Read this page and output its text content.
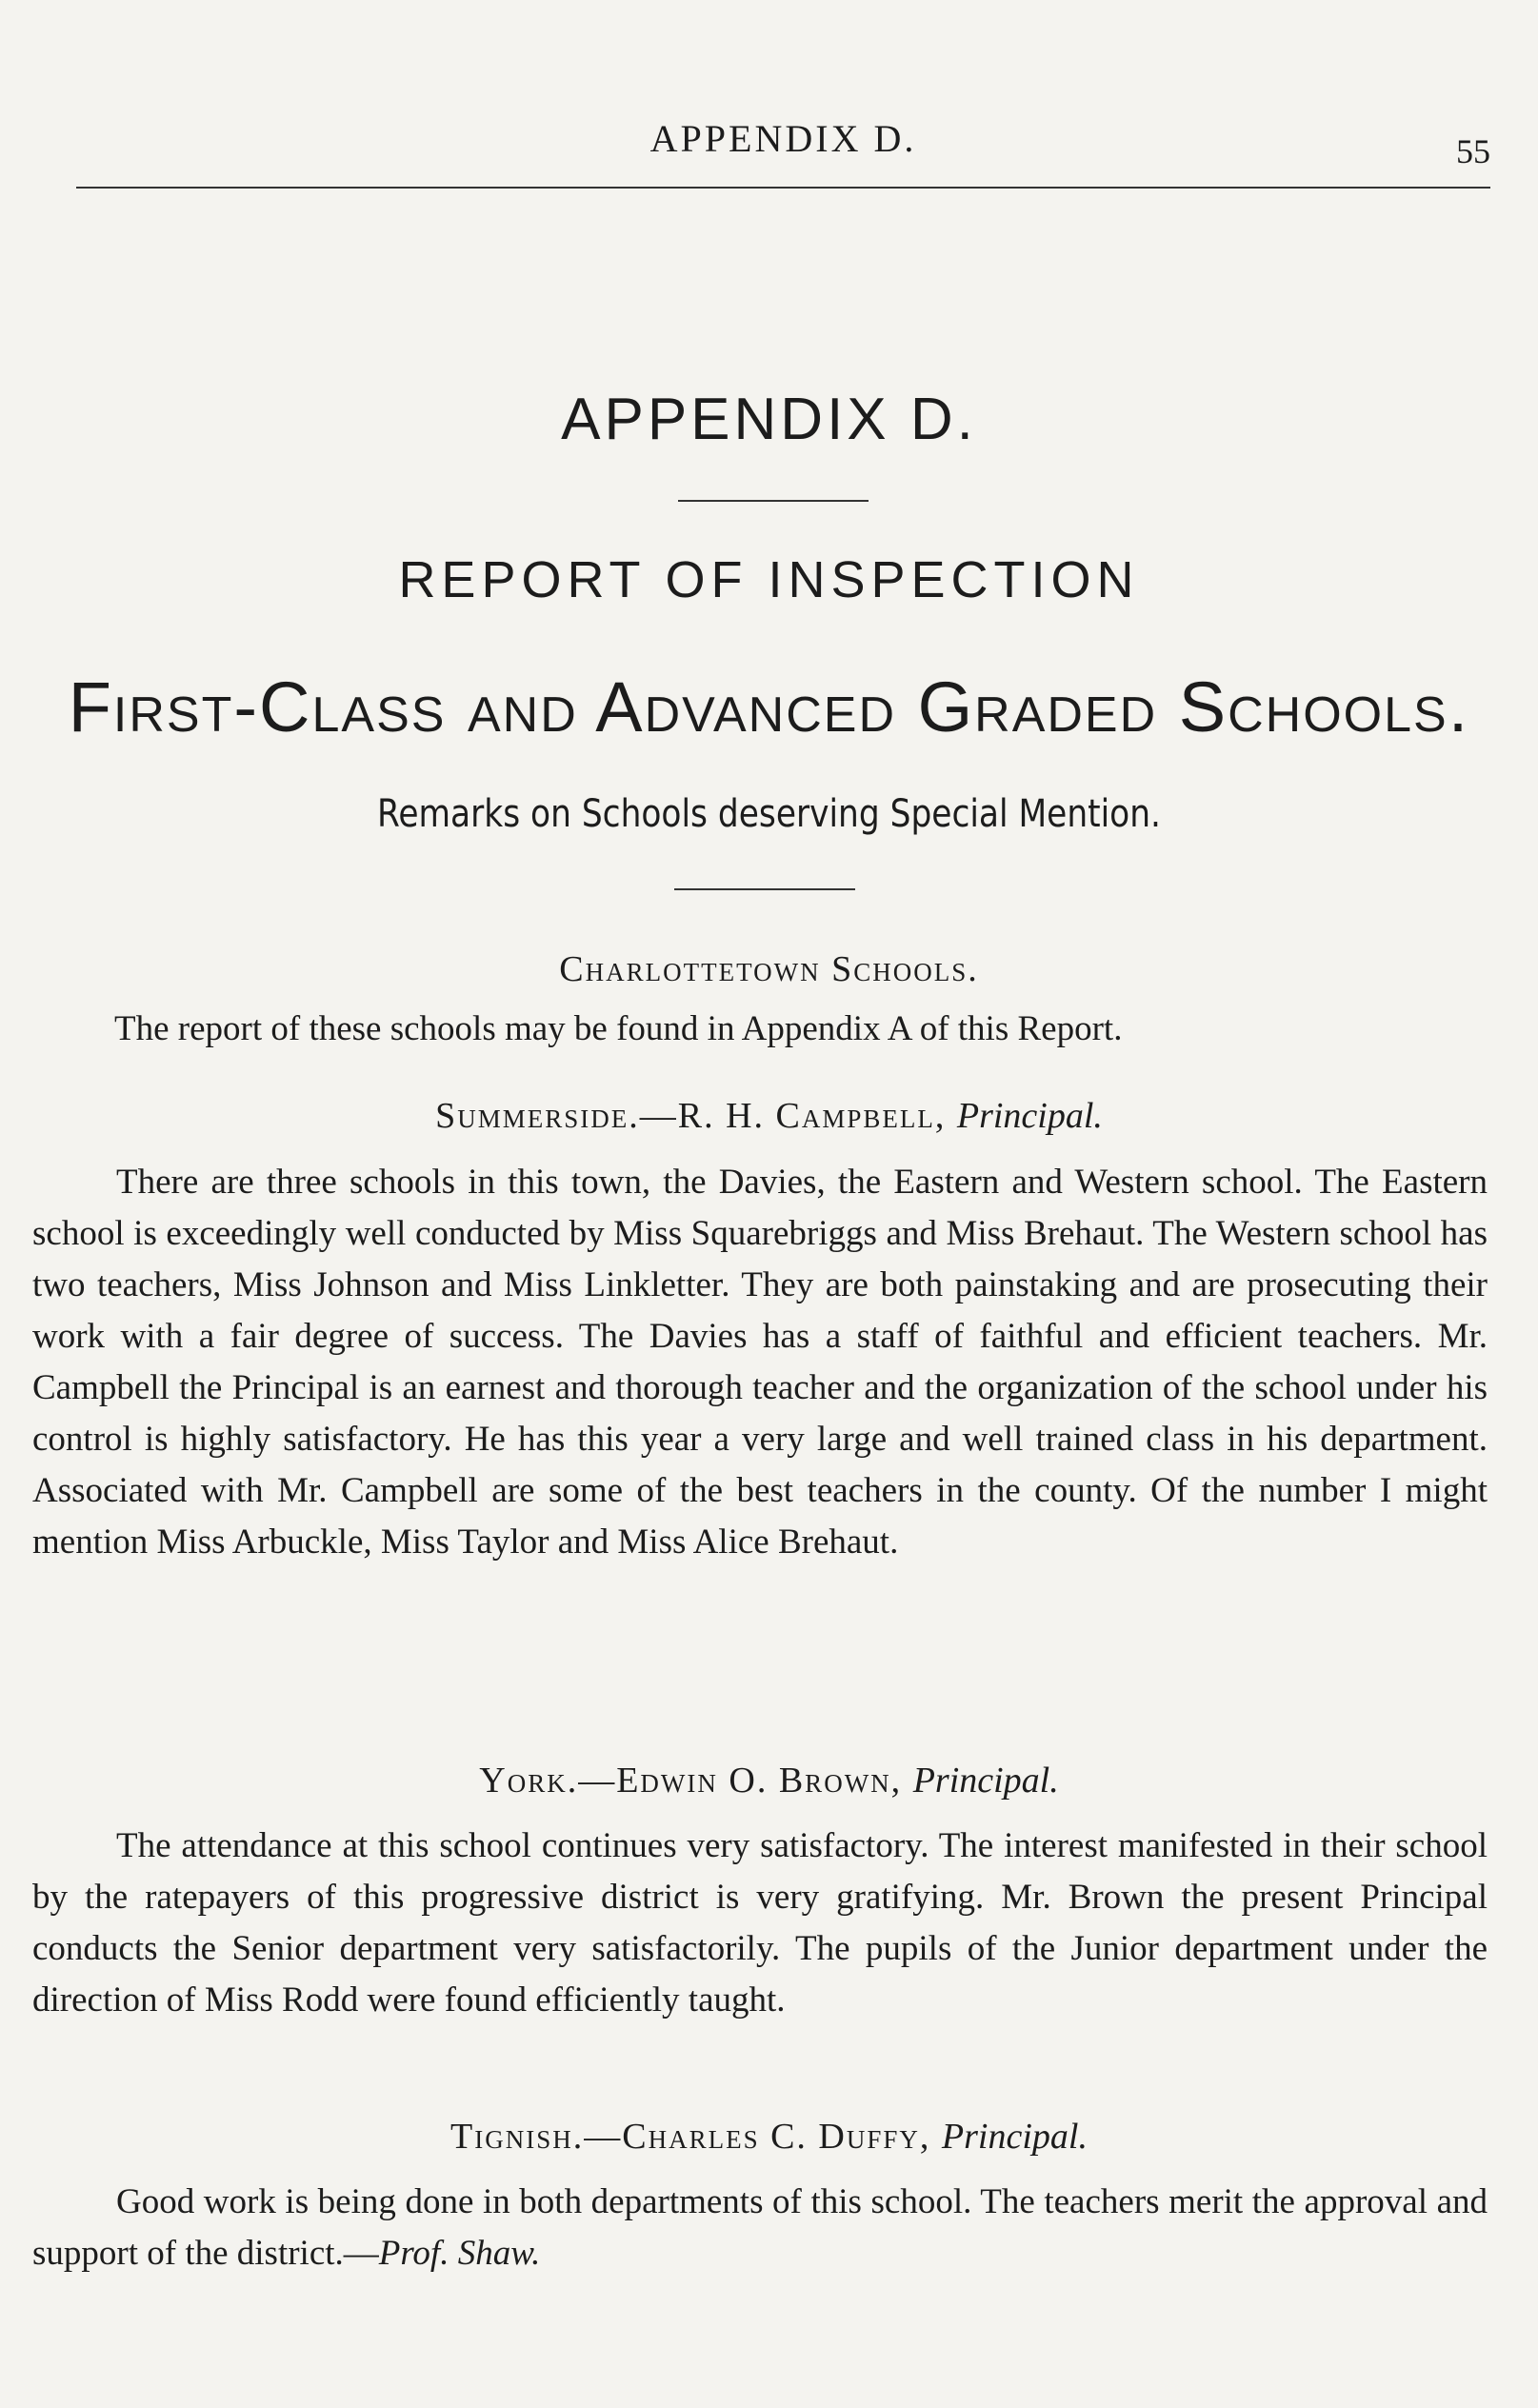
APPENDIX D.	55
APPENDIX D.
REPORT OF INSPECTION
First-Class and Advanced Graded Schools.
Remarks on Schools deserving Special Mention.
Charlottetown Schools.
The report of these schools may be found in Appendix A of this Report.
Summerside.—R. H. Campbell, Principal.
There are three schools in this town, the Davies, the Eastern and Western school. The Eastern school is exceedingly well conducted by Miss Squarebriggs and Miss Brehaut. The Western school has two teachers, Miss Johnson and Miss Linkletter. They are both painstaking and are prosecuting their work with a fair degree of success. The Davies has a staff of faithful and efficient teachers. Mr. Campbell the Principal is an earnest and thorough teacher and the organization of the school under his control is highly satisfactory. He has this year a very large and well trained class in his department. Associated with Mr. Campbell are some of the best teachers in the county. Of the number I might mention Miss Arbuckle, Miss Taylor and Miss Alice Brehaut.
York.—Edwin O. Brown, Principal.
The attendance at this school continues very satisfactory. The interest manifested in their school by the ratepayers of this progressive district is very gratifying. Mr. Brown the present Principal conducts the Senior department very satisfactorily. The pupils of the Junior department under the direction of Miss Rodd were found efficiently taught.
Tignish.—Charles C. Duffy, Principal.
Good work is being done in both departments of this school. The teachers merit the approval and support of the district.—Prof. Shaw.
